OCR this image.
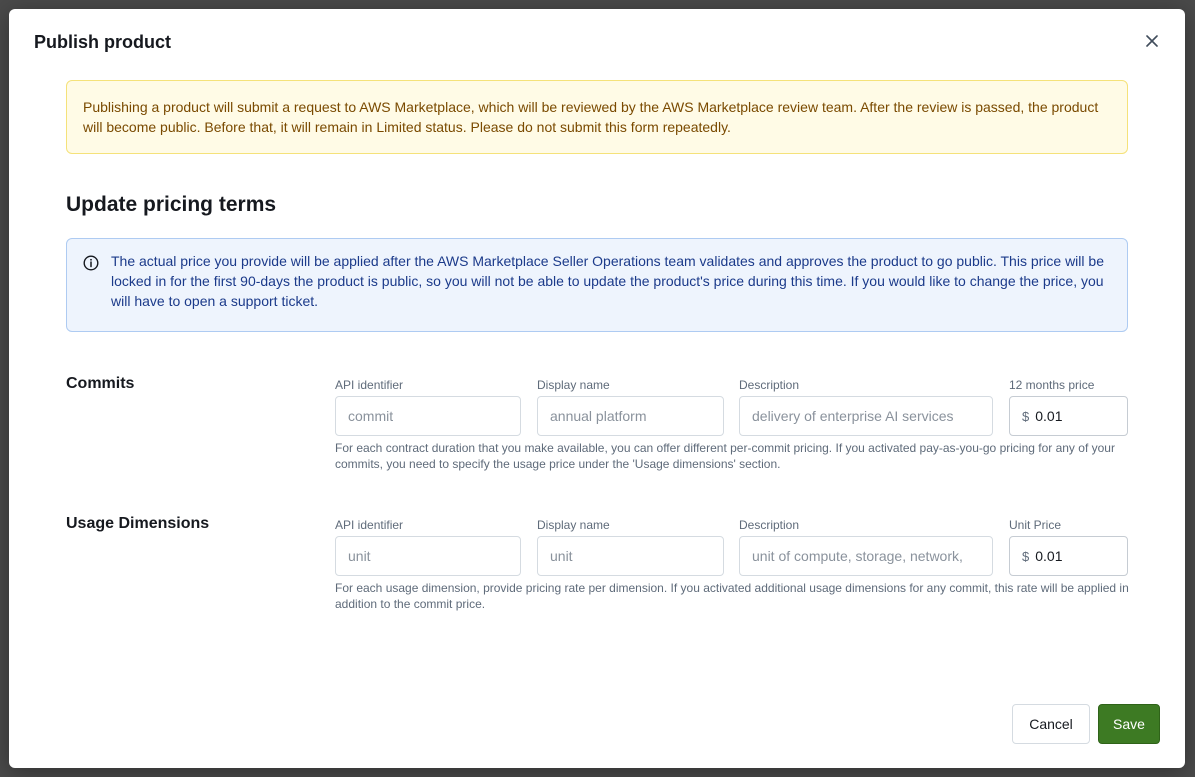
Publish product
Publishing a product will submit a request to AWS Marketplace, which will be reviewed by the AWS Marketplace review team. After the review is passed, the product will become public. Before that, it will remain in Limited status. Please do not submit this form repeatedly.
Update pricing terms
The actual price you provide will be applied after the AWS Marketplace Seller Operations team validates and approves the product to go public. This price will be locked in for the first 90-days the product is public, so you will not be able to update the product's price during this time. If you would like to change the price, you will have to open a support ticket.
Commits	API identifier	Display name	Description	12 months price
commit	annual platform	delivery of enterprise AI services	$ 0.01
For each contract duration that you make available, you can offer different per-commit pricing. If you activated pay-as-you-go pricing for any of your commits, you need to specify the usage price under the 'Usage dimensions' section.
Usage Dimensions	API identifier	Display name	Description	Unit Price
unit	unit	unit of compute, storage, network,	$ 0.01
For each usage dimension, provide pricing rate per dimension. If you activated additional usage dimensions for any commit, this rate will be applied in addition to the commit price.
Cancel	Save
